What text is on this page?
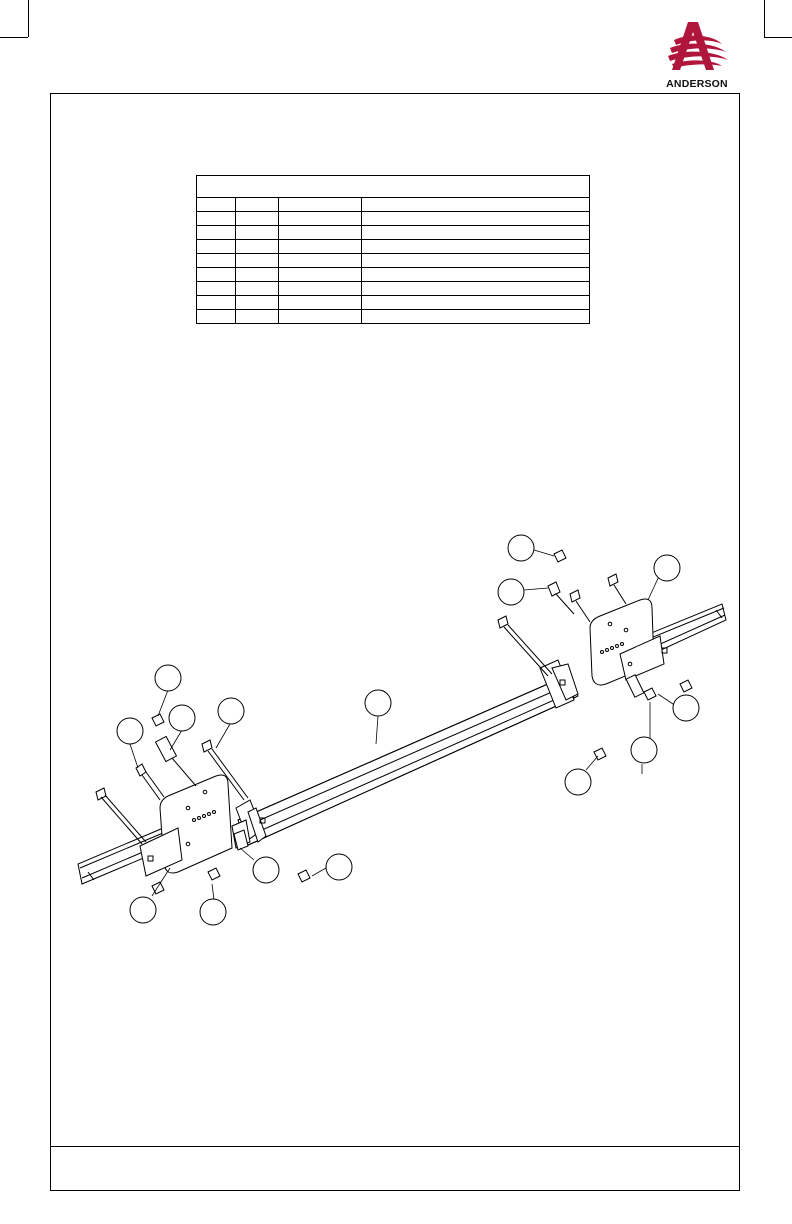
ANDERSON
